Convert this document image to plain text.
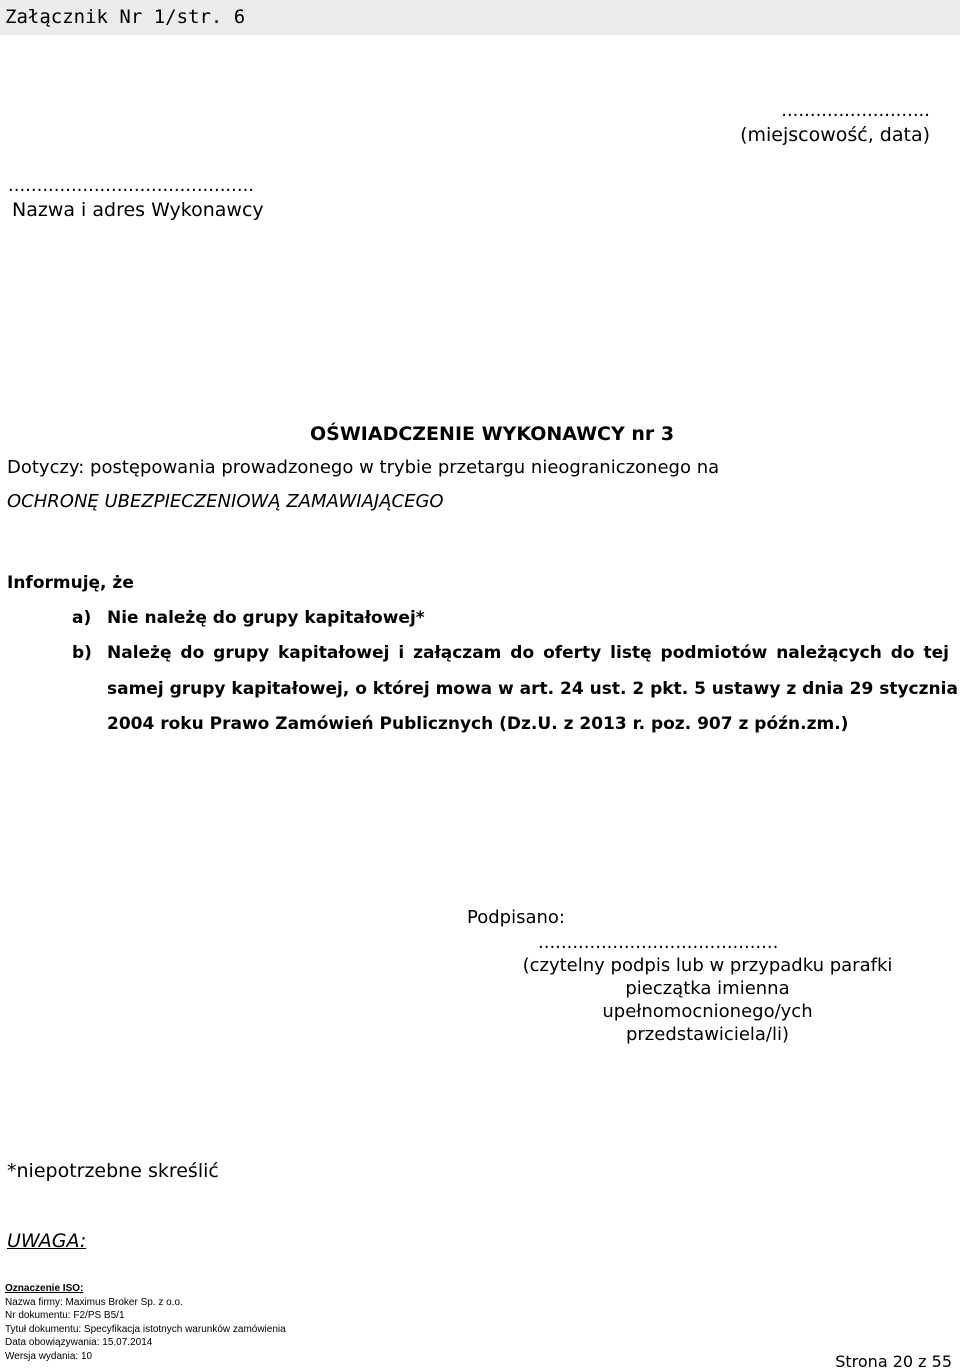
Załącznik Nr 1/str. 6
..........................
(miejscowość, data)
...........................................
Nazwa i adres Wykonawcy
OŚWIADCZENIE WYKONAWCY nr 3
Dotyczy: postępowania prowadzonego w trybie przetargu nieograniczonego na
OCHRONĘ UBEZPIECZENIOWĄ ZAMAWIAJĄCEGO
Informuję, że
a) Nie należę do grupy kapitałowej*
b) Należę do grupy kapitałowej i załączam do oferty listę podmiotów należących do tej
samej grupy kapitałowej, o której mowa w art. 24 ust. 2 pkt. 5 ustawy z dnia 29 stycznia
2004 roku Prawo Zamówień Publicznych (Dz.U. z 2013 r. poz. 907 z późn.zm.)
Podpisano:
..........................................
(czytelny podpis lub w przypadku parafki
pieczątka imienna upełnomocnionego/ych
przedstawiciela/li)
*niepotrzebne skreślić
UWAGA:
Oznaczenie ISO:
Nazwa firmy: Maximus Broker Sp. z o.o.
Nr dokumentu: F2/PS B5/1
Tytuł dokumentu: Specyfikacja istotnych warunków zamówienia
Data obowiązywania: 15.07.2014
Wersja wydania: 10	Strona 20 z 55
